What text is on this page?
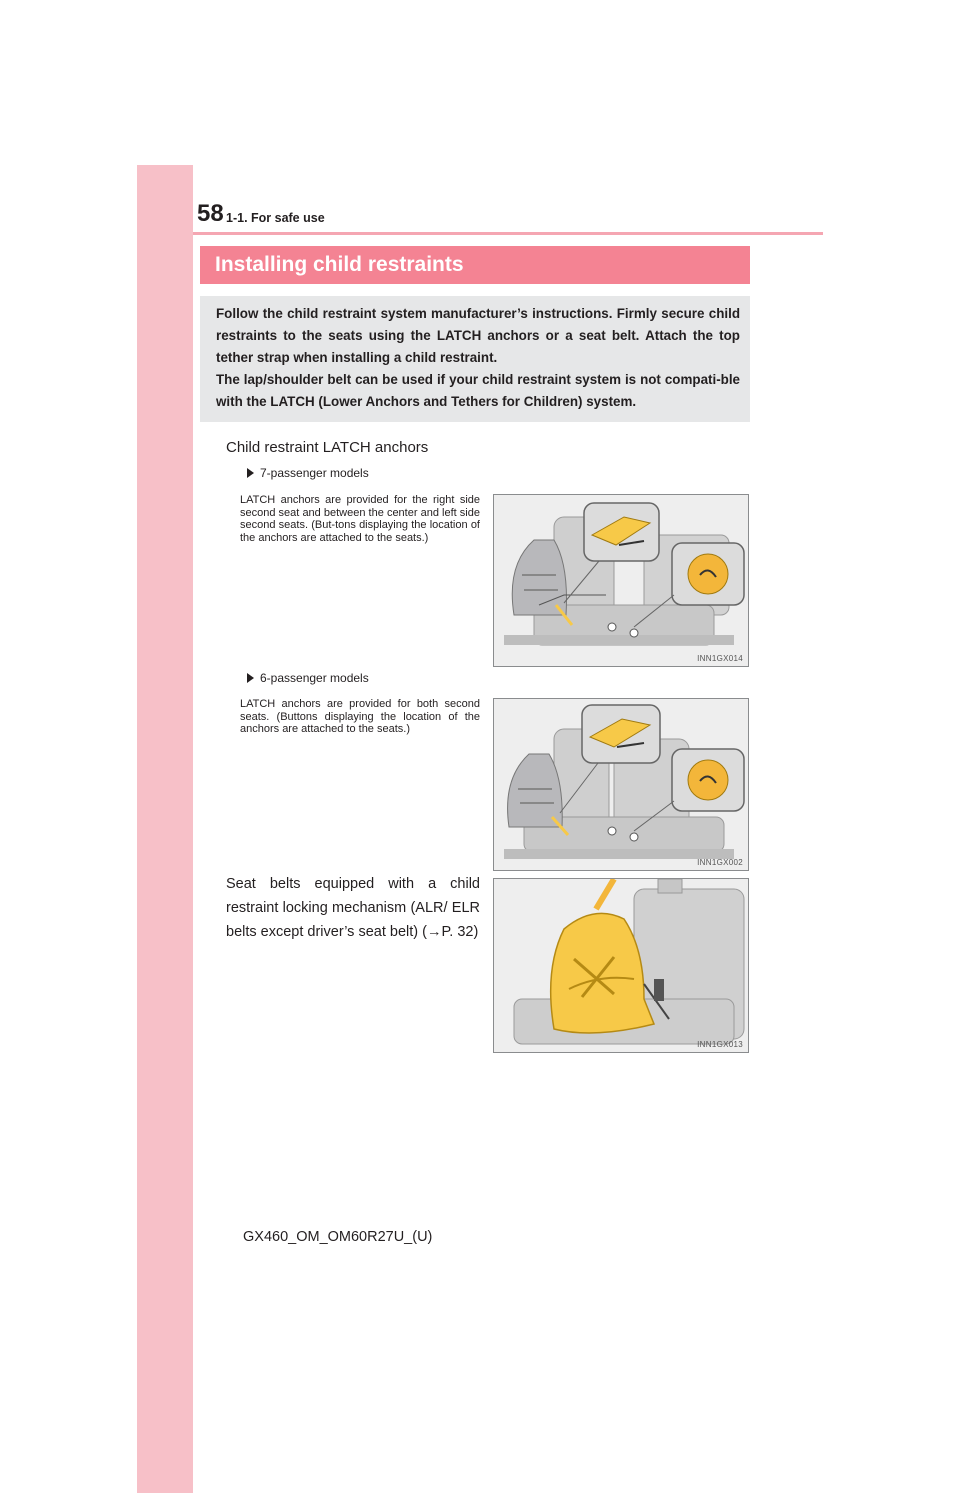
58 1-1. For safe use
Installing child restraints

Follow the child restraint system manufacturer’s instructions. Firmly secure child restraints to the seats using the LATCH anchors or a seat belt. Attach the top tether strap when installing a child restraint.

The lap/shoulder belt can be used if your child restraint system is not compati-ble with the LATCH (Lower Anchors and Tethers for Children) system.

Child restraint LATCH anchors
7-passenger models
LATCH anchors are provided for the right side second seat and between the center and left side second seats. (But-tons displaying the location of the anchors are attached to the seats.)
INN1GX014
6-passenger models
LATCH anchors are provided for both second seats. (Buttons displaying the location of the anchors are attached to the seats.)
INN1GX002
Seat belts equipped with a child restraint locking mechanism (ALR/ ELR belts except driver’s seat belt) (→P. 32)
INN1GX013
GX460_OM_OM60R27U_(U)
